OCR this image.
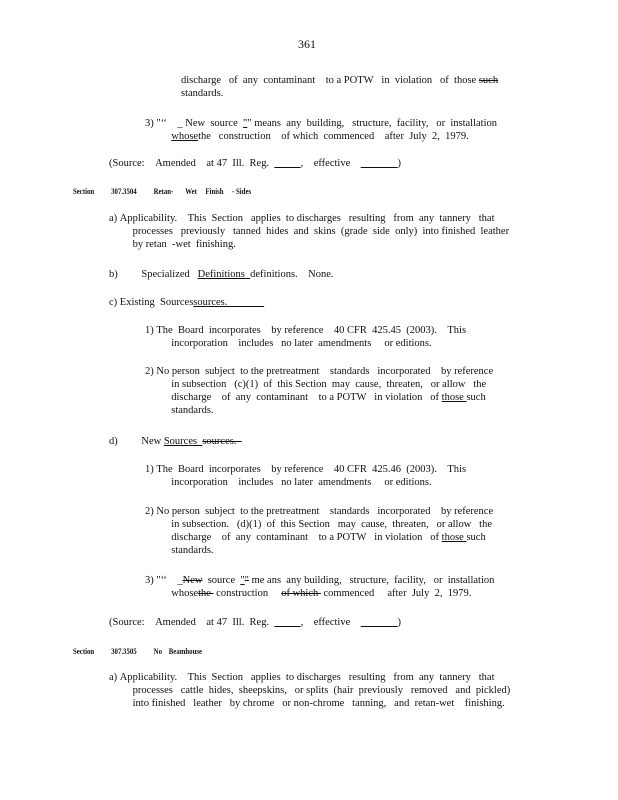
361
discharge   of  any  contaminant    to a POTW   in  violation   of  those such
standards.
3) "‘‘    _ New  source  "" means  any  building,   structure,  facility,   or  installation
whosethe   construction    of which  commenced    after  July  2,  1979.
(Source:    Amended    at 47  Ill.  Reg.	,    effective	)
Section          307.3504          Retan-       Wet     Finish     - Sides
a) Applicability.    This  Section   applies  to discharges   resulting   from  any  tannery   that
processes   previously   tanned  hides  and  skins  (grade  side  only)  into finished  leather
by retan  -wet  finishing.
b)         Specialized   Definitions  definitions.    None.
c) Existing  Sourcessources.
1) The  Board  incorporates    by reference    40 CFR  425.45  (2003).    This
incorporation    includes   no later  amendments     or editions.
2) No person  subject  to the pretreatment    standards   incorporated    by reference
in subsection   (c)(1)  of  this Section  may  cause,  threaten,   or allow   the
discharge    of  any  contaminant    to a POTW   in violation   of those such
standards.
d)         New Sources  sources.
1) The  Board  incorporates    by reference    40 CFR  425.46  (2003).    This
incorporation    includes   no later  amendments     or editions.
2) No person  subject  to the pretreatment    standards   incorporated    by reference
in subsection.   (d)(1)  of  this Section   may  cause,  threaten,   or allow   the
discharge    of  any  contaminant    to a POTW   in violation   of those such
standards.
3) "‘‘    _New  source  "" me ans  any building,   structure,  facility,   or  installation
whosethe  construction     of which  commenced     after  July  2,  1979.
(Source:    Amended    at 47  Ill.  Reg.	,    effective	)
Section          307.3505          No    Beamhouse
a) Applicability.    This  Section   applies  to discharges   resulting   from  any  tannery   that
processes   cattle  hides,  sheepskins,   or splits  (hair  previously   removed   and  pickled)
into finished   leather   by chrome   or non-chrome   tanning,   and  retan-wet    finishing.
